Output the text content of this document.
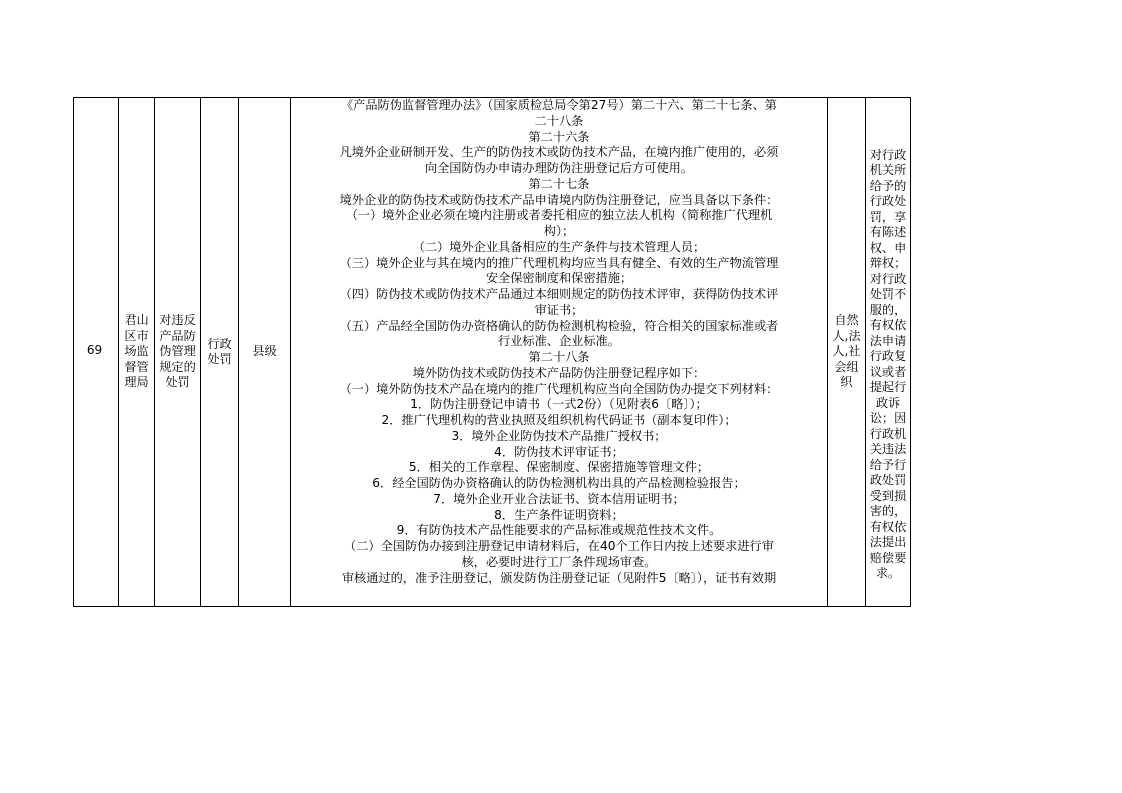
69

君山
区市
场监
督管
理局

对违反
产品防
伪管理
规定的
处罚

行政
处罚
	县级	
《产品防伪监督管理办法》（国家质检总局令第27号）第二十六、第二十七条、第
二十八条
第二十六条
凡境外企业研制开发、生产的防伪技术或防伪技术产品，在境内推广使用的，必须
向全国防伪办申请办理防伪注册登记后方可使用。
第二十七条
境外企业的防伪技术或防伪技术产品申请境内防伪注册登记，应当具备以下条件：
（一）境外企业必须在境内注册或者委托相应的独立法人机构（简称推广代理机
构）；
（二）境外企业具备相应的生产条件与技术管理人员；
（三）境外企业与其在境内的推广代理机构均应当具有健全、有效的生产物流管理
安全保密制度和保密措施；
（四）防伪技术或防伪技术产品通过本细则规定的防伪技术评审，获得防伪技术评
审证书；
（五）产品经全国防伪办资格确认的防伪检测机构检验，符合相关的国家标准或者
行业标准、企业标准。
第二十八条
境外防伪技术或防伪技术产品防伪注册登记程序如下：
（一）境外防伪技术产品在境内的推广代理机构应当向全国防伪办提交下列材料：
1．防伪注册登记申请书（一式2份）（见附表6〔略〕）；
2．推广代理机构的营业执照及组织机构代码证书（副本复印件）；
3．境外企业防伪技术产品推广授权书；
4．防伪技术评审证书；
5．相关的工作章程、保密制度、保密措施等管理文件；
6．经全国防伪办资格确认的防伪检测机构出具的产品检测检验报告；
7．境外企业开业合法证书、资本信用证明书；
8．生产条件证明资料；
9．有防伪技术产品性能要求的产品标准或规范性技术文件。
（二）全国防伪办接到注册登记申请材料后，在40个工作日内按上述要求进行审
核，必要时进行工厂条件现场审查。
审核通过的，准予注册登记，颁发防伪注册登记证（见附件5〔略〕），证书有效期

自然
人,法
人,社
会组
织

对行政
机关所
给予的
行政处
罚，享
有陈述
权、申
辩权；
对行政
处罚不
服的，
有权依
法申请
行政复
议或者
提起行
政诉
讼；因
行政机
关违法
给予行
政处罚
受到损
害的，
有权依
法提出
赔偿要
求。
